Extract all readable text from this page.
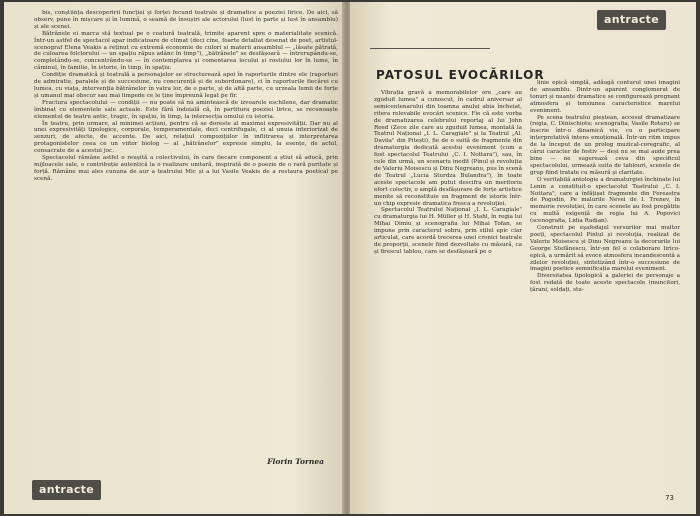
bis, conștiința descoperirii funcției și forței fecund teatrale și dramatice a poeziei lirice. De aici, să observ, pune în mișcare și în lumină, o seamă de însușiri ale actorului (lust în parte și lust în ansamblu) și ale scenei.

Bătrânele ei marca stă textual pe o coatură teatrală, trimite aparent spre o materialitate scenică. Într-un astfel de spectacol apar indicatoare de climat (deci cine, foarte detaliat desenat de poet, artistul-scenograf Elena Veakis a reținut cu extremă economie de culori și materii ansamblul — „lăsate pătrată, de culoarea folclorului — un spațiu răpus adânc în timp"), „bătrânele" se desfășoară — întrerupându-se, completându-se, concentrându-se — în contemplarea și comentarea locului și rostului lor în lume, în căminul, în familie, în istorie, în timp, în spațiu.

Condiție dramatică și teatrală a personajelor se structurează apoi în raporturile dintre ele (raporturi de admiratie, paralele și de succesiune, nu concurență și de subordonare), ci în raporturile fiecărei cu lumea, cu viața, intervenția bătrânelor în vatra lor, de o parte, și de altă parte, cu urzeala lumii de forțe și umanul mai obscur sau mai limpede ce le ține împreună legat pe fir.

Fractura spectacolului — condiții — nu poate să nu amintească de izvoarele eschilene, dar dramatic îmbinat cu elementele sale actuale. Este fără îndoială că, în partitura poeziei lirice, se recunoaște elementul de teatru antic, tragic, în spațiu, în timp, la intersecția omului cu istoria.

În teatru, prin urmare, al minimei acțiuni, pentru că se doreste al maximei expresivității. Dar nu al unei expresivități tipologice, corporale, temperamentale, deci centrifugale, ci al unuia interiorizat de senzuri, de afecte, de accente. De aici, relațiul compozițiilor în inflitrarea și interpretarea protagonistelor ceea ce un viitor biolog — al „bătrânelor" expresie simplu, la esențe, de actul, consacrate de a acestui joc.

Spectacolul rămâne astfel o reușită a colectivului, în care fiecare component a știut să aducă, prin mijloacele sale, o contribuție autentică la o realizare unitară, inspirată de o poezie de o rară puritate și forță. Rămâne mai ales cununa de aur a teatrului Mic și a lui Vasile Veakis de a restaura poetical pe scenă.

Florin Tornea
antracte
antracte
PATOSUL EVOCĂRILOR

Vibrația gravă a memorabilelor ore „care au zguduit lumea" a cunoscut, în cadrul aniversar al semicentenarului din toamna anului abia încheiat, ritera relevabile evocări scenice. Fie că este vorba de dramatizarea celebrului reportaj al lui John Reed (Zece zile care au zguduit lumea, montată la Teatrul Național „I. L. Caragiale" și la Teatrul „Al. Davila" din Pitești), fie de o suită de fragmente din dramaturgia dedicată acestui eveniment (cum a fost spectacolul Teatrului „C. I. Nottara"), sau, în cele din urmă, un scenariu inedit (Pinul și revoluția de Valeriu Moisescu și Dinu Negreanu, pus în scenă de Teatrul „Lucia Sturdza Bulandra"), în toate aceste spectacole am putut descifra un meritoriu efort colectiv, o amplă desfășurare de forțe artistice menite să reconstituie un fragment de istorie într-un chip expresiv dramatica fresca a revoluției.

Spectacolul Teatrului Național „I. L. Caragiale" cu dramaturgia lui H. Müller și H. Stahl, în regia lui Mihai Dimiu și scenografia lui Mihai Tofan, se impune prin caracterul sobru, prin stilul epic clar articulat, care acordă trecerea unei cronici teatrale de proporții, scenele fiind dezvoltate cu măsură, ca și firescul tablou, care se desfășoară pe o

linie epică simplă, adăugă conturul unei imagini de ansamblu. Dintr-un aparent conglomerat de tonuri și nuanțe dramatice se configurează pregnant atmosfera și tensiunea caracteristice marelui eveniment.

Pe scena teatrului pieștean, accesul dramatizare (regia, C. Dinischiotu; scenografia, Vasile Rotaru) se înscrie într-o dinamică vie, cu o participare interpretativă intens emoțională. Într-un ritm impus de la început de un prolog muzical-coregrafic, al cărui caracter de festiv — deși nu se mai aude prea bine — ne sugerează ceva din specificul spectacolului, urmează suita de tablouri, scenele de grup fiind tratate cu măsură și claritate.

O veritabilă antologie a dramaturgiei închinate lui Lenin a constituit-o spectacolul Teatrului „C. I. Nottara", care a înfățișat fragmente din Fereastra de Pogodin, Pe malurile Nevei de I. Trenev, în memorie revoluției, în care scenele au fost pregătite cu multă exigență de regia lui A. Popovici (scenografia, Lidia Radian).

Construit pe eşafodajul versurilor mai multor poeți, spectacolul Pintul și revoluția, realizat de Valeriu Moisescu și Dinu Negreanu la decorurile lui George Stefănescu, într-un fel o colaborare lirico-epică, a urmărit să evoce atmosfera incandescentă a zilelor revoluției, sintetizând într-o succesiune de imagini poetice semnificația marelui eveniment.

Diversitatea tipologică a galeriei de personaje a fost redată de toate aceste spectacole (muncitori, țărani, soldați, stu-

73
